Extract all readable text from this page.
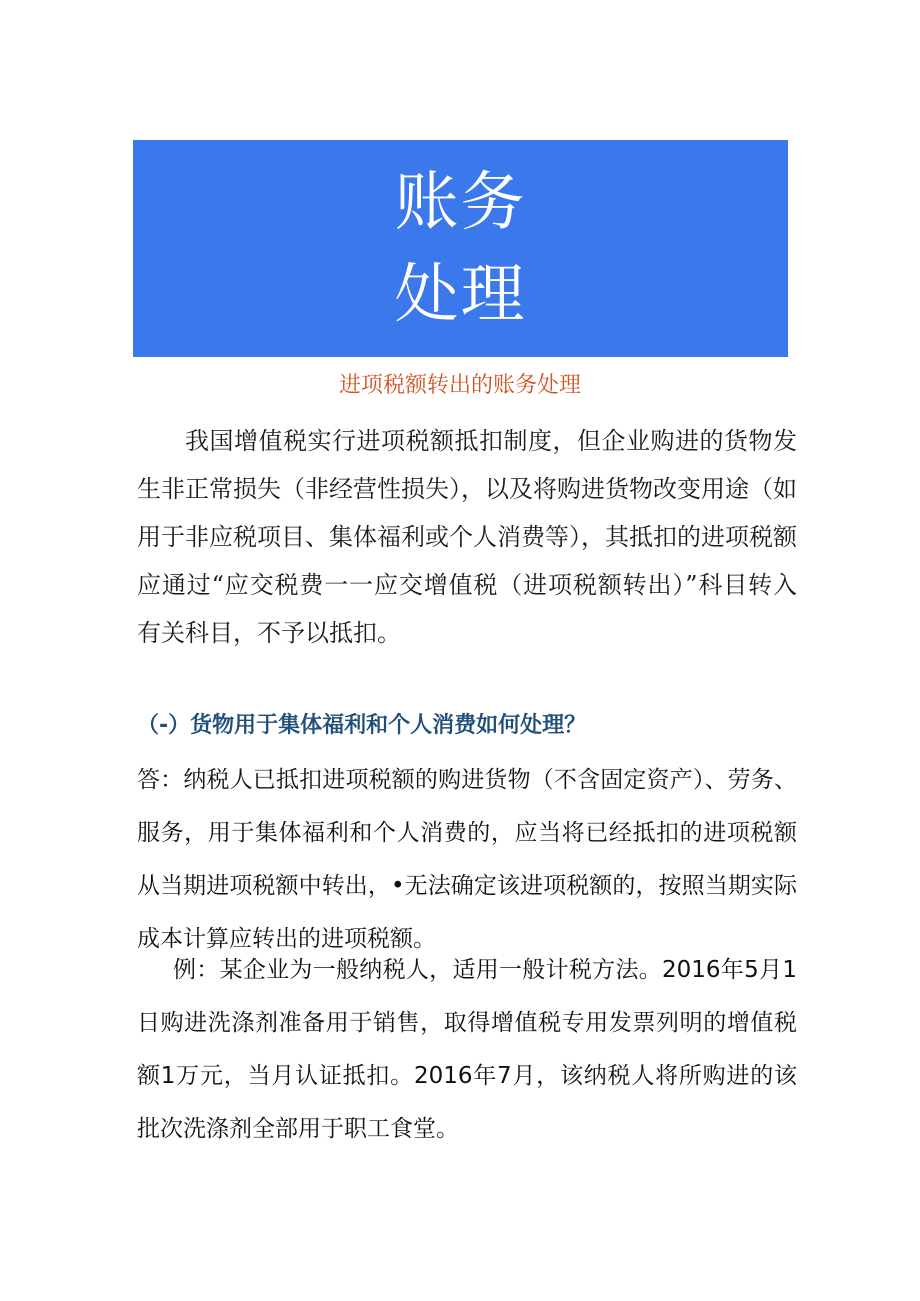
账务
处理
进项税额转出的账务处理

我国增值税实行进项税额抵扣制度，但企业购进的货物发生非正常损失（非经营性损失），以及将购进货物改变用途（如用于非应税项目、集体福利或个人消费等），其抵扣的进项税额应通过“应交税费一一应交增值税（进项税额转出）”科目转入有关科目，不予以抵扣。

（-）货物用于集体福利和个人消费如何处理？

答：纳税人已抵扣进项税额的购进货物（不含固定资产）、劳务、服务，用于集体福利和个人消费的，应当将已经抵扣的进项税额从当期进项税额中转出，•无法确定该进项税额的，按照当期实际成本计算应转出的进项税额。

例：某企业为一般纳税人，适用一般计税方法。2016年5月1日购进洗涤剂准备用于销售，取得增值税专用发票列明的增值税额1万元，当月认证抵扣。2016年7月，该纳税人将所购进的该批次洗涤剂全部用于职工食堂。
